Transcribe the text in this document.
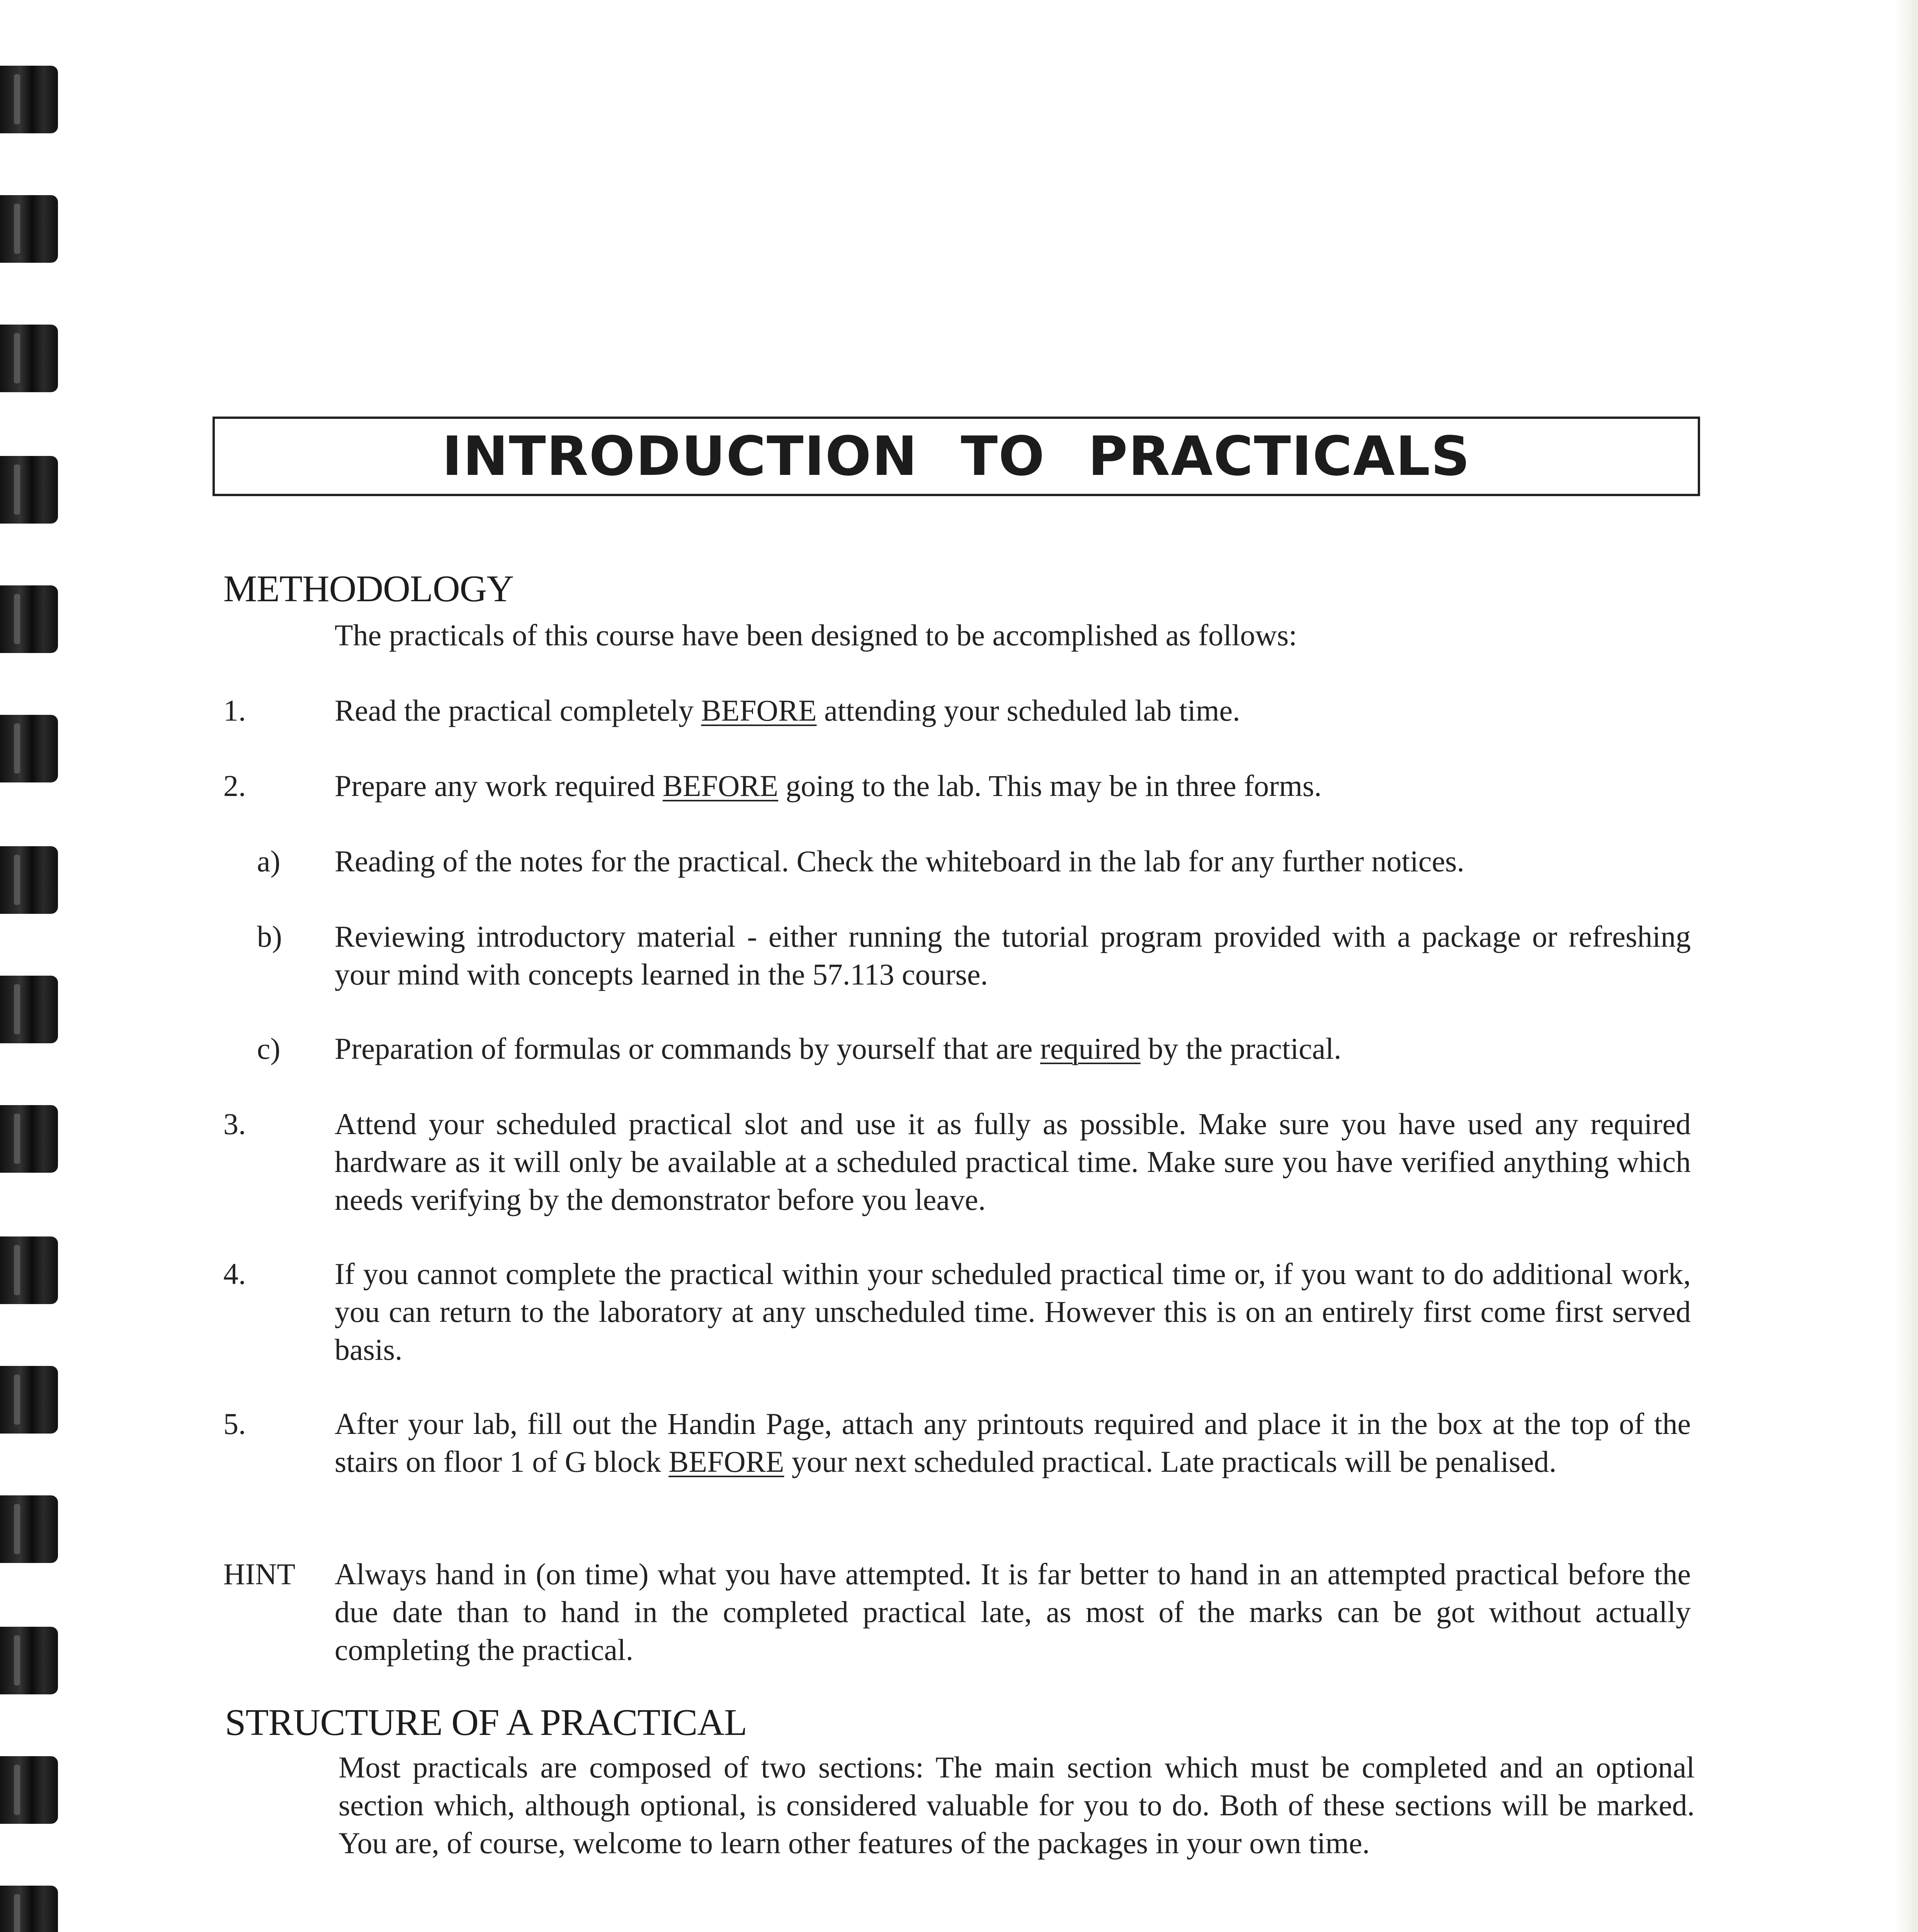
INTRODUCTION TO PRACTICALS
METHODOLOGY

The practicals of this course have been designed to be accomplished as follows:

1.	Read the practical completely BEFORE attending your scheduled lab time.

2.	Prepare any work required BEFORE going to the lab. This may be in three forms.

a) Reading of the notes for the practical. Check the whiteboard in the lab for any further notices.

b) Reviewing introductory material - either running the tutorial program provided with a package or refreshing your mind with concepts learned in the 57.113 course.

c) Preparation of formulas or commands by yourself that are required by the practical.

3.	Attend your scheduled practical slot and use it as fully as possible. Make sure you have used any required hardware as it will only be available at a scheduled practical time. Make sure you have verified anything which needs verifying by the demonstrator before you leave.

4.	If you cannot complete the practical within your scheduled practical time or, if you want to do additional work, you can return to the laboratory at any unscheduled time. However this is on an entirely first come first served basis.

5.	After your lab, fill out the Handin Page, attach any printouts required and place it in the box at the top of the stairs on floor 1 of G block BEFORE your next scheduled practical. Late practicals will be penalised.

HINT Always hand in (on time) what you have attempted. It is far better to hand in an attempted practical before the due date than to hand in the completed practical late, as most of the marks can be got without actually completing the practical.

STRUCTURE OF A PRACTICAL

Most practicals are composed of two sections: The main section which must be completed and an optional section which, although optional, is considered valuable for you to do. Both of these sections will be marked. You are, of course, welcome to learn other features of the packages in your own time.
